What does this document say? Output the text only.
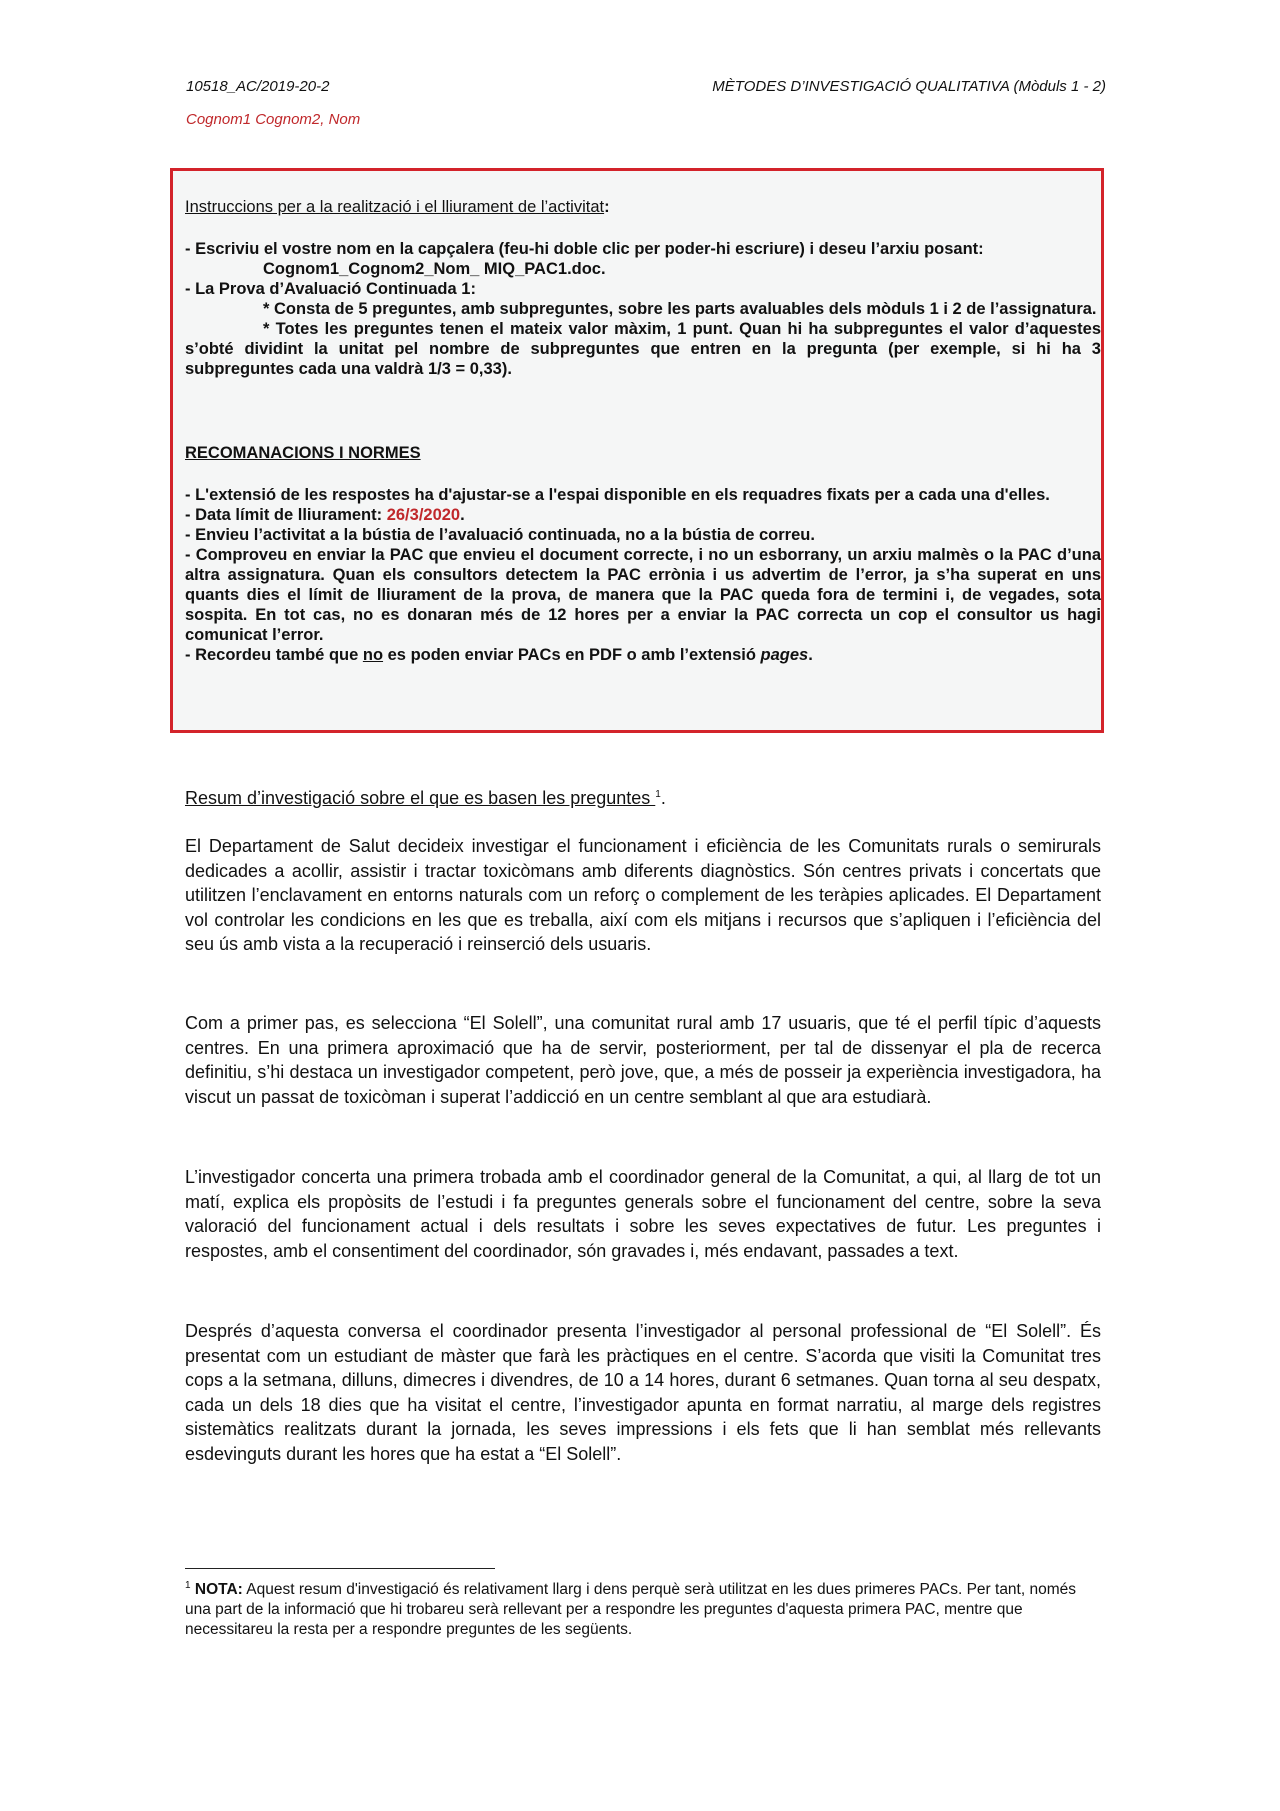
10518_AC/2019-20-2	MÈTODES D’INVESTIGACIÓ QUALITATIVA (Mòduls 1 - 2)
Cognom1 Cognom2, Nom
Instruccions per a la realització i el lliurament de l’activitat:

- Escriviu el vostre nom en la capçalera (feu-hi doble clic per poder-hi escriure) i deseu l’arxiu posant:

Cognom1_Cognom2_Nom_ MIQ_PAC1.doc.

- La Prova d’Avaluació Continuada 1:

* Consta de 5 preguntes, amb subpreguntes, sobre les parts avaluables dels mòduls 1 i 2 de l’assignatura.

* Totes les preguntes tenen el mateix valor màxim, 1 punt. Quan hi ha subpreguntes el valor d’aquestes s’obté dividint la unitat pel nombre de subpreguntes que entren en la pregunta (per exemple, si hi ha 3 subpreguntes cada una valdrà 1/3 = 0,33).

RECOMANACIONS I NORMES

- L'extensió de les respostes ha d'ajustar-se a l'espai disponible en els requadres fixats per a cada una d'elles.

- Data límit de lliurament: 26/3/2020.

- Envieu l’activitat a la bústia de l’avaluació continuada, no a la bústia de correu.

- Comproveu en enviar la PAC que envieu el document correcte, i no un esborrany, un arxiu malmès o la PAC d’una altra assignatura. Quan els consultors detectem la PAC errònia i us advertim de l’error, ja s’ha superat en uns quants dies el límit de lliurament de la prova, de manera que la PAC queda fora de termini i, de vegades, sota sospita. En tot cas, no es donaran més de 12 hores per a enviar la PAC correcta un cop el consultor us hagi comunicat l’error.

- Recordeu també que no es poden enviar PACs en PDF o amb l’extensió pages.

Resum d’investigació sobre el que es basen les preguntes $^1$.
El Departament de Salut decideix investigar el funcionament i eficiència de les Comunitats rurals o semirurals dedicades a acollir, assistir i tractar toxicòmans amb diferents diagnòstics. Són centres privats i concertats que utilitzen l’enclavament en entorns naturals com un reforç o complement de les teràpies aplicades. El Departament vol controlar les condicions en les que es treballa, així com els mitjans i recursos que s’apliquen i l’eficiència del seu ús amb vista a la recuperació i reinserció dels usuaris.
Com a primer pas, es selecciona “El Solell”, una comunitat rural amb 17 usuaris, que té el perfil típic d’aquests centres. En una primera aproximació que ha de servir, posteriorment, per tal de dissenyar el pla de recerca definitiu, s’hi destaca un investigador competent, però jove, que, a més de posseir ja experiència investigadora, ha viscut un passat de toxicòman i superat l’addicció en un centre semblant al que ara estudiarà.
L’investigador concerta una primera trobada amb el coordinador general de la Comunitat, a qui, al llarg de tot un matí, explica els propòsits de l’estudi i fa preguntes generals sobre el funcionament del centre, sobre la seva valoració del funcionament actual i dels resultats i sobre les seves expectatives de futur. Les preguntes i respostes, amb el consentiment del coordinador, són gravades i, més endavant, passades a text.
Després d’aquesta conversa el coordinador presenta l’investigador al personal professional de “El Solell”. És presentat com un estudiant de màster que farà les pràctiques en el centre. S’acorda que visiti la Comunitat tres cops a la setmana, dilluns, dimecres i divendres, de 10 a 14 hores, durant 6 setmanes. Quan torna al seu despatx, cada un dels 18 dies que ha visitat el centre, l’investigador apunta en format narratiu, al marge dels registres sistemàtics realitzats durant la jornada, les seves impressions i els fets que li han semblat més rellevants esdevinguts durant les hores que ha estat a “El Solell”.
$^1$ NOTA: Aquest resum d'investigació és relativament llarg i dens perquè serà utilitzat en les dues primeres PACs. Per tant, només una part de la informació que hi trobareu serà rellevant per a respondre les preguntes d'aquesta primera PAC, mentre que necessitareu la resta per a respondre preguntes de les següents.
